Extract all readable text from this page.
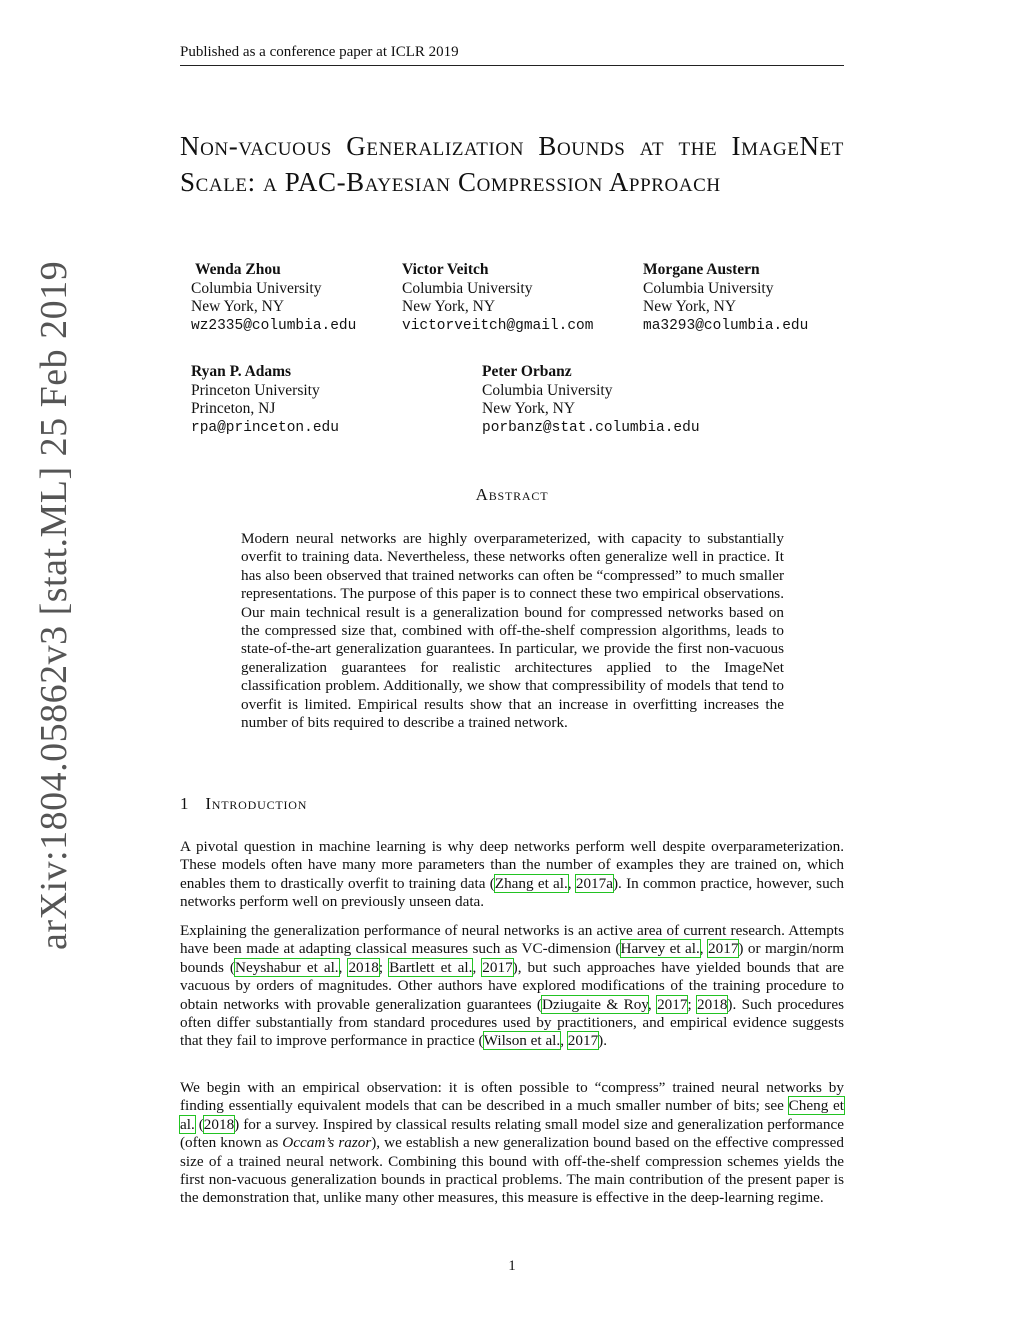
Published as a conference paper at ICLR 2019
arXiv:1804.05862v3 [stat.ML] 25 Feb 2019
Non-vacuous Generalization Bounds at the ImageNet Scale: a PAC-Bayesian Compression Approach
Wenda Zhou
Columbia University
New York, NY
wz2335@columbia.edu
Victor Veitch
Columbia University
New York, NY
victorveitch@gmail.com
Morgane Austern
Columbia University
New York, NY
ma3293@columbia.edu
Ryan P. Adams
Princeton University
Princeton, NJ
rpa@princeton.edu
Peter Orbanz
Columbia University
New York, NY
porbanz@stat.columbia.edu
Abstract

Modern neural networks are highly overparameterized, with capacity to substantially overfit to training data. Nevertheless, these networks often generalize well in practice. It has also been observed that trained networks can often be “compressed” to much smaller representations. The purpose of this paper is to connect these two empirical observations. Our main technical result is a generalization bound for compressed networks based on the compressed size that, combined with off-the-shelf compression algorithms, leads to state-of-the-art generalization guarantees. In particular, we provide the first non-vacuous generalization guarantees for realistic architectures applied to the ImageNet classification problem. Additionally, we show that compressibility of models that tend to overfit is limited. Empirical results show that an increase in overfitting increases the number of bits required to describe a trained network.

1 Introduction

A pivotal question in machine learning is why deep networks perform well despite overparameterization. These models often have many more parameters than the number of examples they are trained on, which enables them to drastically overfit to training data (Zhang et al., 2017a). In common practice, however, such networks perform well on previously unseen data.

Explaining the generalization performance of neural networks is an active area of current research. Attempts have been made at adapting classical measures such as VC-dimension (Harvey et al., 2017) or margin/norm bounds (Neyshabur et al., 2018; Bartlett et al., 2017), but such approaches have yielded bounds that are vacuous by orders of magnitudes. Other authors have explored modifications of the training procedure to obtain networks with provable generalization guarantees (Dziugaite & Roy, 2017; 2018). Such procedures often differ substantially from standard procedures used by practitioners, and empirical evidence suggests that they fail to improve performance in practice (Wilson et al., 2017).

We begin with an empirical observation: it is often possible to “compress” trained neural networks by finding essentially equivalent models that can be described in a much smaller number of bits; see Cheng et al. (2018) for a survey. Inspired by classical results relating small model size and generalization performance (often known as Occam’s razor), we establish a new generalization bound based on the effective compressed size of a trained neural network. Combining this bound with off-the-shelf compression schemes yields the first non-vacuous generalization bounds in practical problems. The main contribution of the present paper is the demonstration that, unlike many other measures, this measure is effective in the deep-learning regime.

1
